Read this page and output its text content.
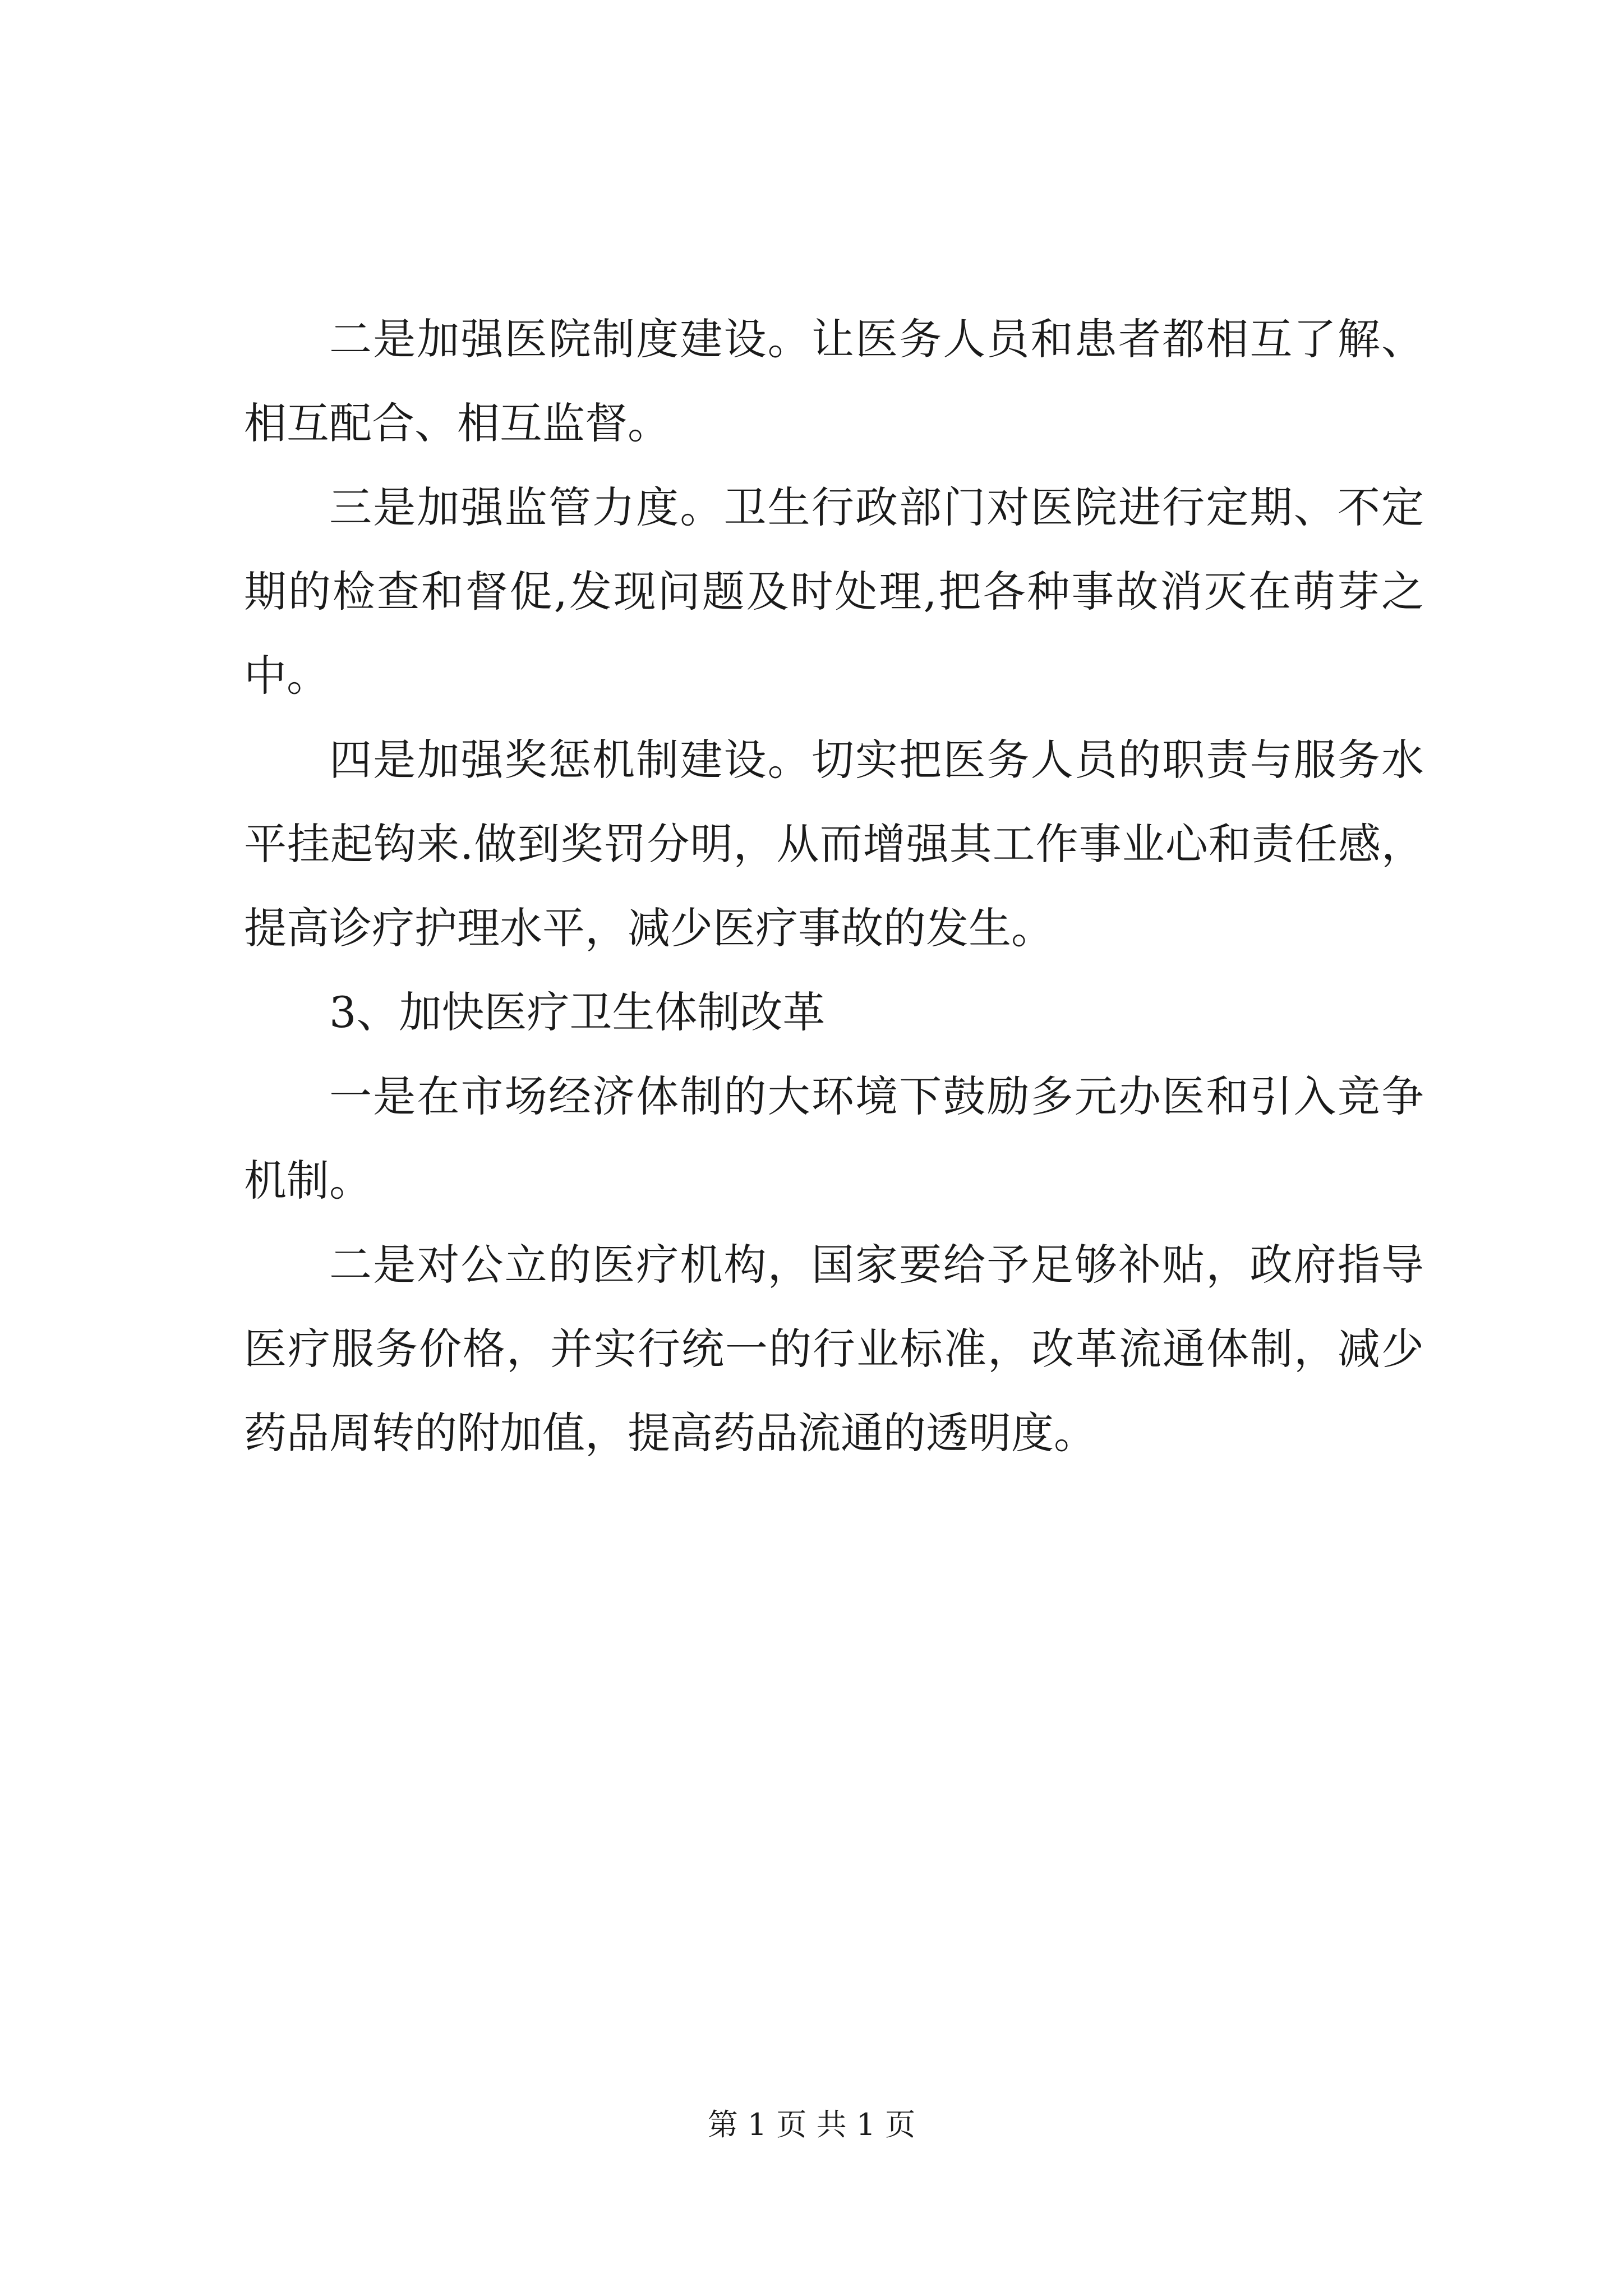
二是加强医院制度建设。让医务人员和患者都相互了解、相互配合、相互监督。

三是加强监管力度。卫生行政部门对医院进行定期、不定期的检查和督促,发现问题及时处理,把各种事故消灭在萌芽之中。

四是加强奖惩机制建设。切实把医务人员的职责与服务水平挂起钩来.做到奖罚分明，从而增强其工作事业心和责任感，提高诊疗护理水平，减少医疗事故的发生。

3、加快医疗卫生体制改革

一是在市场经济体制的大环境下鼓励多元办医和引入竞争机制。

二是对公立的医疗机构，国家要给予足够补贴，政府指导医疗服务价格，并实行统一的行业标准，改革流通体制，减少药品周转的附加值，提高药品流通的透明度。

第 1 页 共 1 页
